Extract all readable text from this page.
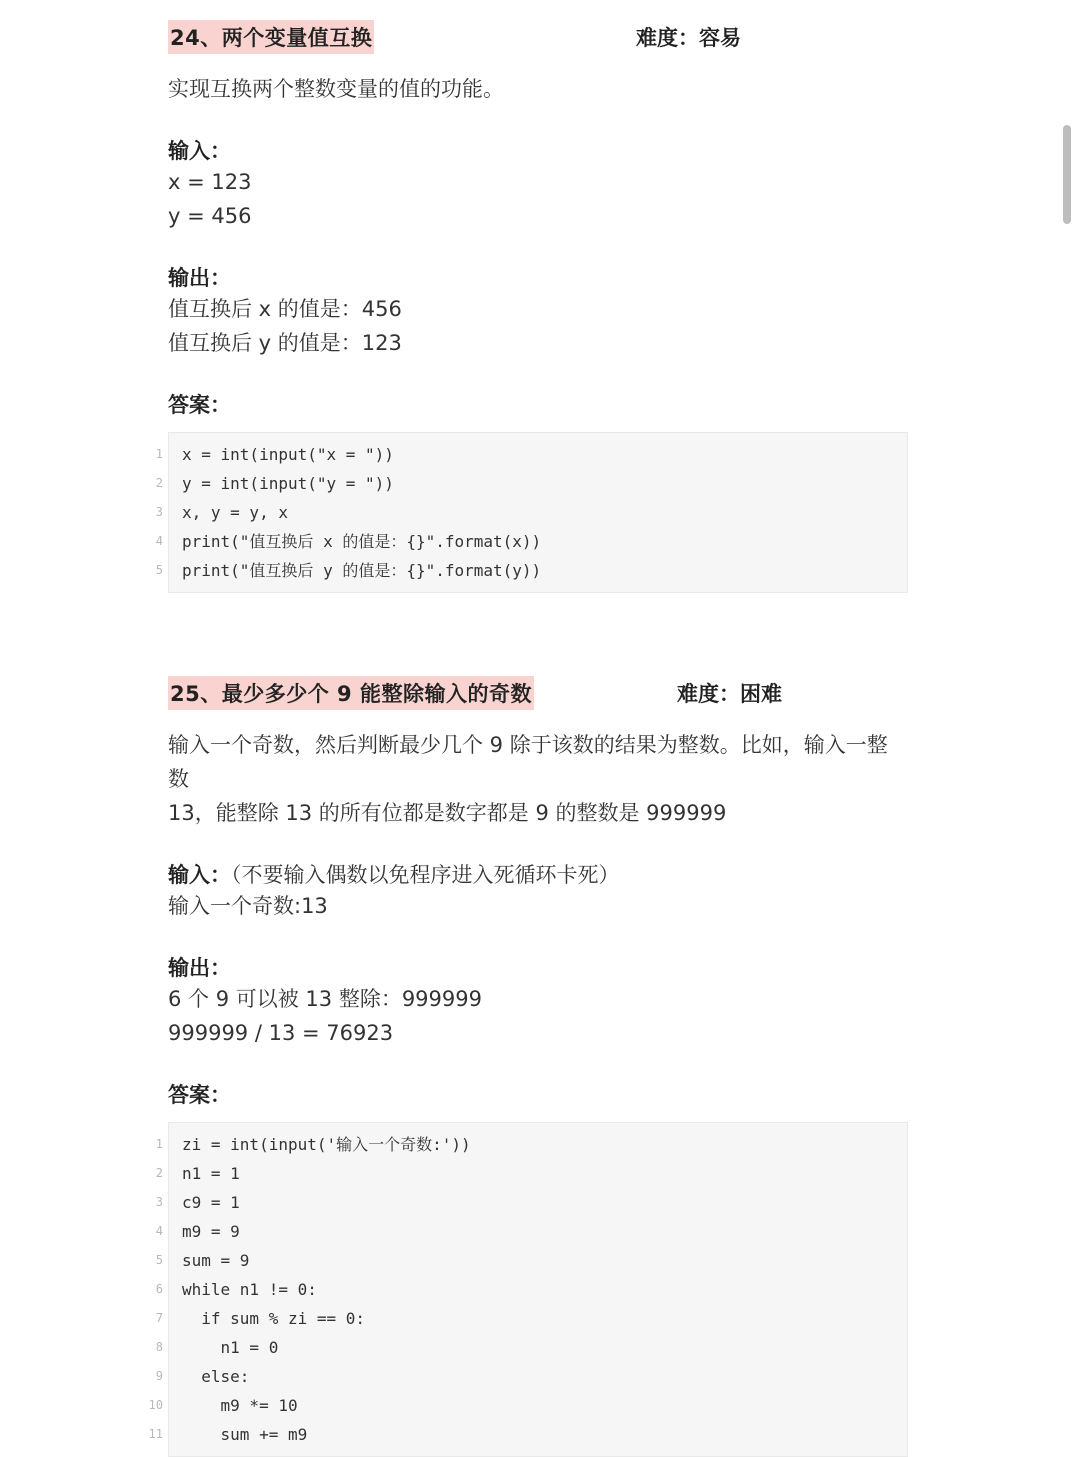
24、两个变量值互换	难度：容易

实现互换两个整数变量的值的功能。

输入：

x = 123

y = 456

输出：

值互换后 x 的值是：456

值互换后 y 的值是：123

答案：
1 x = int(input("x = "))
2 y = int(input("y = "))
3 x, y = y, x
4 print("值互换后 x 的值是：{}".format(x))
5 print("值互换后 y 的值是：{}".format(y))
25、最少多少个 9 能整除输入的奇数	难度：困难

输入一个奇数，然后判断最少几个 9 除于该数的结果为整数。比如，输入一整数

13，能整除 13 的所有位都是数字都是 9 的整数是 999999

输入：（不要输入偶数以免程序进入死循环卡死）

输入一个奇数:13

输出：

6 个 9 可以被 13 整除：999999

999999 / 13 = 76923

答案：
1 zi = int(input('输入一个奇数:'))
2 n1 = 1
3 c9 = 1
4 m9 = 9
5 sum = 9
6 while n1 != 0:
7 if sum % zi == 0:
8 n1 = 0
9 else:
10 m9 *= 10
11 sum += m9
